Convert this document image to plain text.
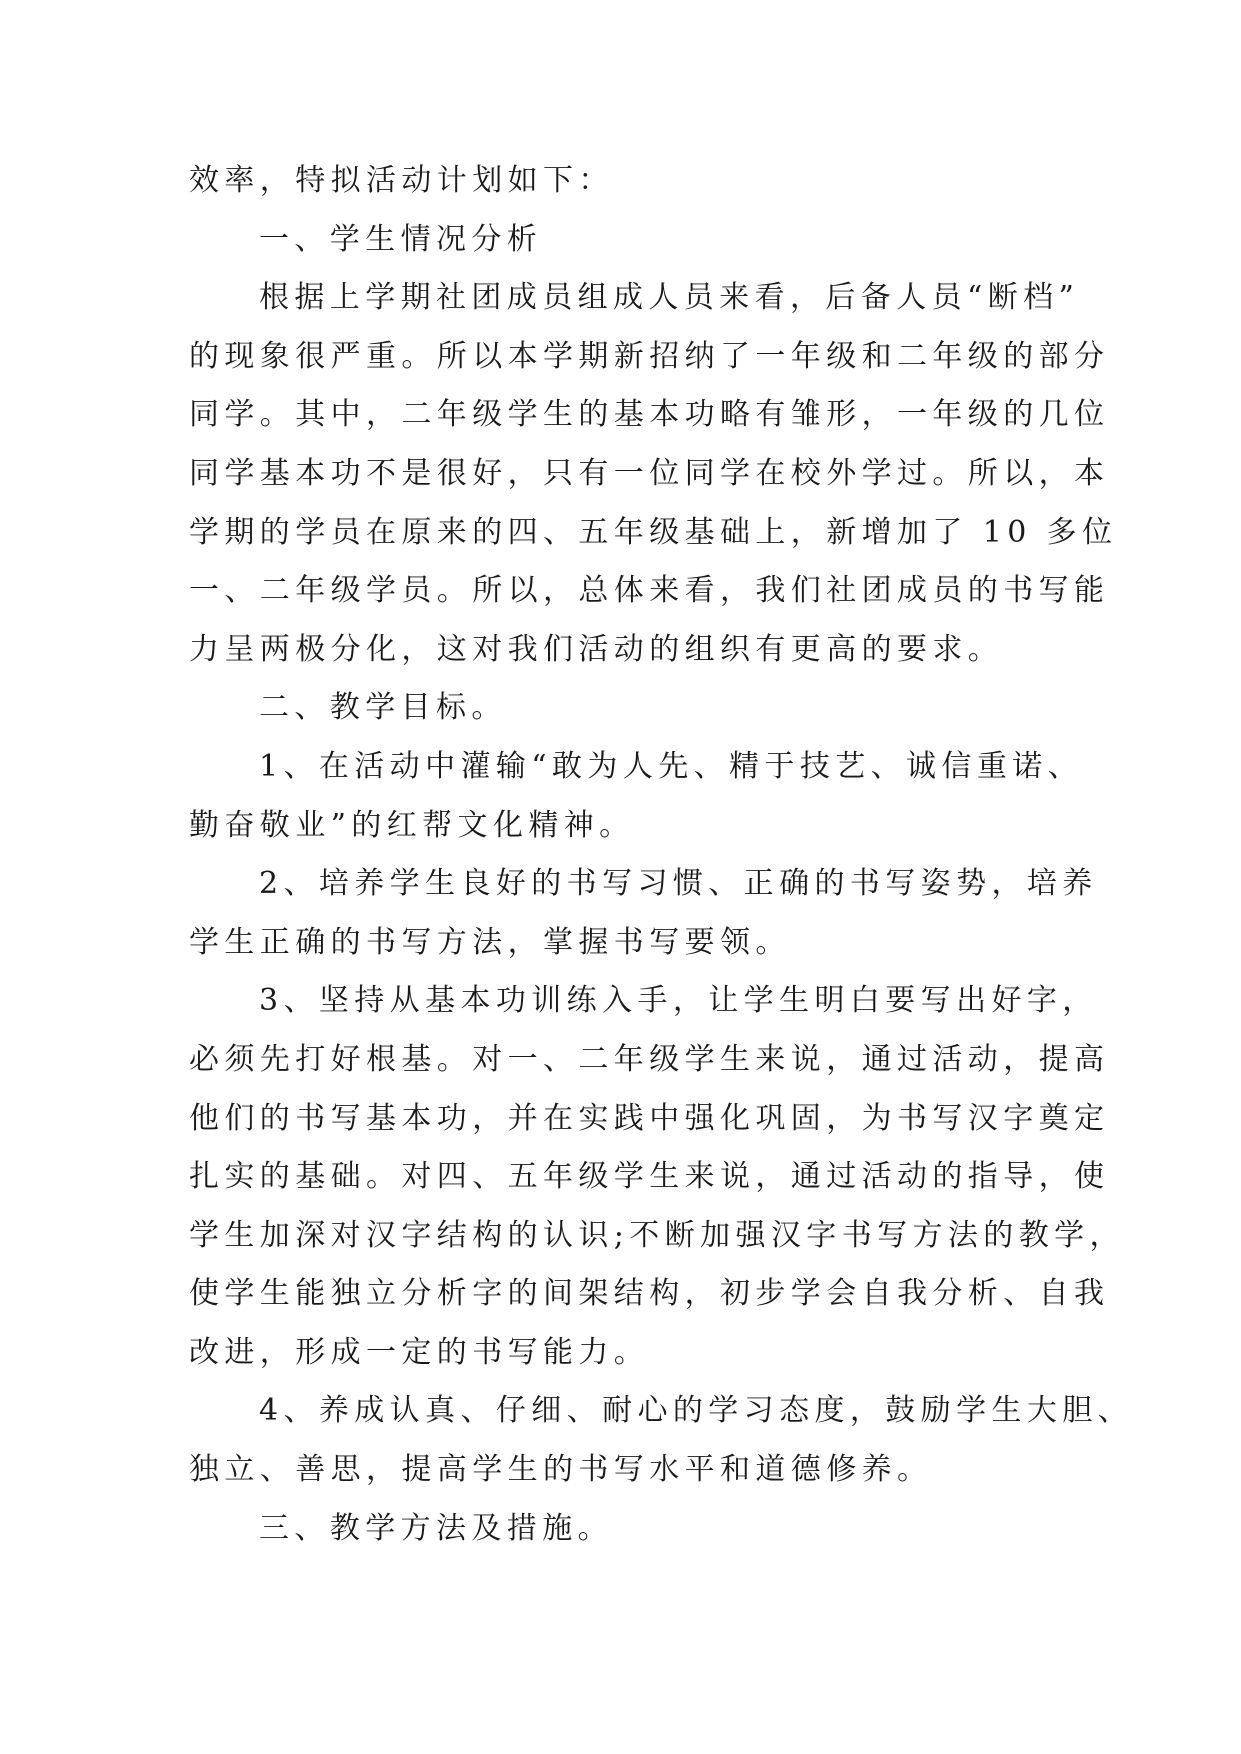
效率，特拟活动计划如下：
一、学生情况分析
根据上学期社团成员组成人员来看，后备人员“断档”
的现象很严重。所以本学期新招纳了一年级和二年级的部分
同学。其中，二年级学生的基本功略有雏形，一年级的几位
同学基本功不是很好，只有一位同学在校外学过。所以，本
学期的学员在原来的四、五年级基础上，新增加了 10 多位
一、二年级学员。所以，总体来看，我们社团成员的书写能
力呈两极分化，这对我们活动的组织有更高的要求。
二、教学目标。
1、在活动中灌输“敢为人先、精于技艺、诚信重诺、
勤奋敬业”的红帮文化精神。
2、培养学生良好的书写习惯、正确的书写姿势，培养
学生正确的书写方法，掌握书写要领。
3、坚持从基本功训练入手，让学生明白要写出好字，
必须先打好根基。对一、二年级学生来说，通过活动，提高
他们的书写基本功，并在实践中强化巩固，为书写汉字奠定
扎实的基础。对四、五年级学生来说，通过活动的指导，使
学生加深对汉字结构的认识;不断加强汉字书写方法的教学，
使学生能独立分析字的间架结构，初步学会自我分析、自我
改进，形成一定的书写能力。
4、养成认真、仔细、耐心的学习态度，鼓励学生大胆、
独立、善思，提高学生的书写水平和道德修养。
三、教学方法及措施。
